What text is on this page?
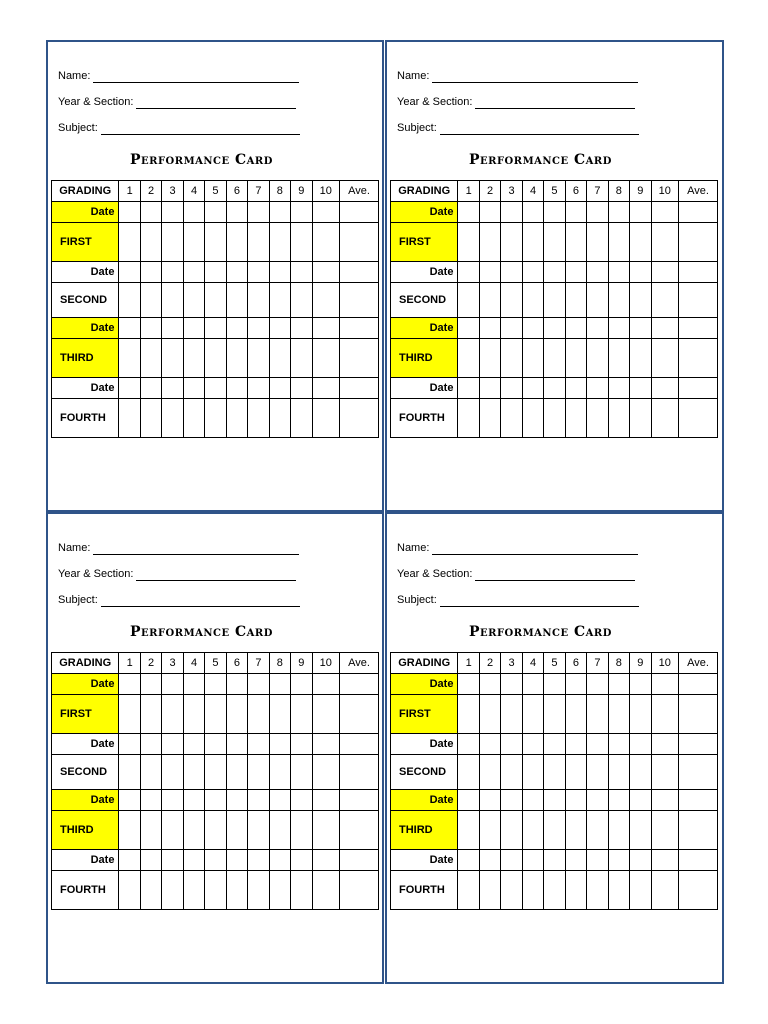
Name:
Year & Section:
Subject:
Performance Card
GRADING	1	2	3	4	5	6	7	8	9	10	Ave.
Date											
FIRST											
Date											
SECOND											
Date											
THIRD											
Date											
FOURTH											
Name:
Year & Section:
Subject:
Performance Card
GRADING	1	2	3	4	5	6	7	8	9	10	Ave.
Date											
FIRST											
Date											
SECOND											
Date											
THIRD											
Date											
FOURTH											
Name:
Year & Section:
Subject:
Performance Card
GRADING	1	2	3	4	5	6	7	8	9	10	Ave.
Date											
FIRST											
Date											
SECOND											
Date											
THIRD											
Date											
FOURTH											
Name:
Year & Section:
Subject:
Performance Card
GRADING	1	2	3	4	5	6	7	8	9	10	Ave.
Date											
FIRST											
Date											
SECOND											
Date											
THIRD											
Date											
FOURTH											
